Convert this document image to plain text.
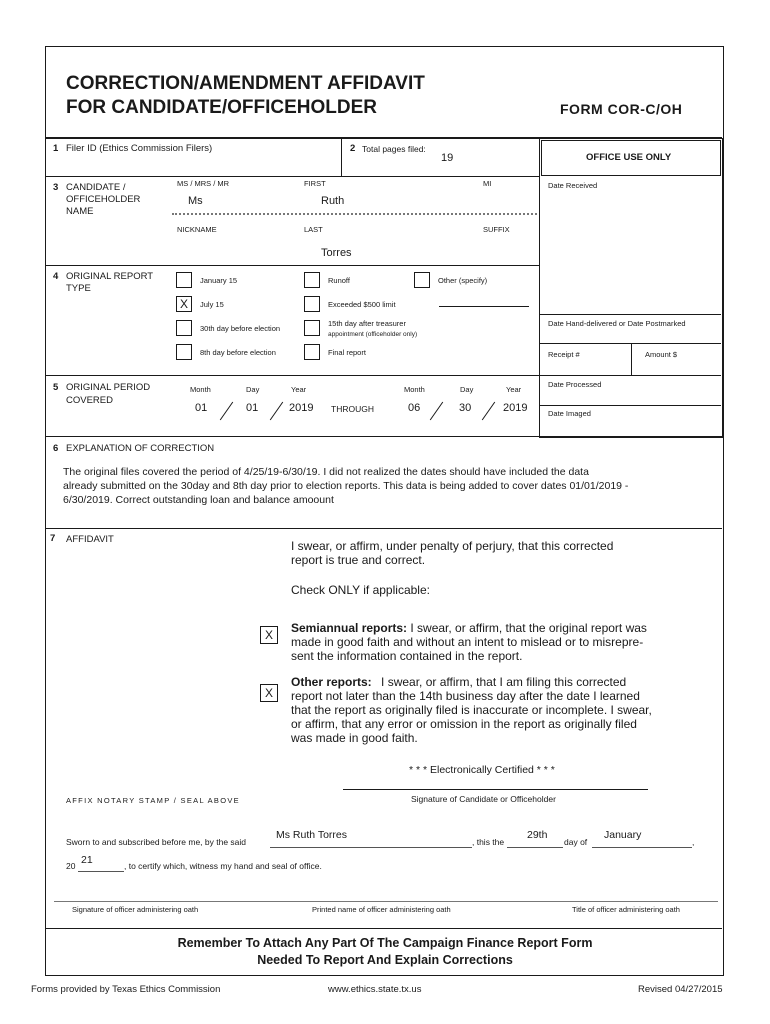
CORRECTION/AMENDMENT AFFIDAVIT
FOR CANDIDATE/OFFICEHOLDER	FORM COR-C/OH
1 Filer ID (Ethics Commission Filers)	2 Total pages filed:
19	OFFICE USE ONLY
Date Received
Date Hand-delivered or Date Postmarked
Receipt #	Amount $
Date Processed
Date Imaged
3 CANDIDATE /
OFFICEHOLDER
NAME
MS / MRS / MR
Ms
FIRST
Ruth
MI
NICKNAME	LAST	SUFFIX
Torres
4 ORIGINAL REPORT
TYPE
January 15
X	July 15
30th day before election
8th day before election
Runoff
Exceeded $500 limit
15th day after treasurer
appointment (officeholder only)
Final report
Other (specify)
5 ORIGINAL PERIOD
COVERED
Month	Day	Year	Month	Day	Year
01	01	2019 THROUGH	06	30	2019
6 EXPLANATION OF CORRECTION
The original files covered the period of 4/25/19-6/30/19. I did not realized the dates should have included the data
already submitted on the 30day and 8th day prior to election reports. This data is being added to cover dates 01/01/2019 -
6/30/2019. Correct outstanding loan and balance amoount
7 AFFIDAVIT	I swear, or affirm, under penalty of perjury, that this corrected
report is true and correct.
Check ONLY if applicable:
X	Semiannual reports: I swear, or affirm, that the original report was
made in good faith and without an intent to mislead or to misrepre-
sent the information contained in the report.
X
Other reports: I swear, or affirm, that I am filing this corrected
report not later than the 14th business day after the date I learned
that the report as originally filed is inaccurate or incomplete. I swear,
or affirm, that any error or omission in the report as originally filed
was made in good faith.
* * * Electronically Certified * * *
Signature of Candidate or Officeholder
AFFIX NOTARY STAMP / SEAL ABOVE
Sworn to and subscribed before me, by the said
Ms Ruth Torres
, this the
29th
day of
January
,
20 21	, to certify which, witness my hand and seal of office.
Signature of officer administering oath	Printed name of officer administering oath	Title of officer administering oath
Remember To Attach Any Part Of The Campaign Finance Report Form
Needed To Report And Explain Corrections
Forms provided by Texas Ethics Commission	www.ethics.state.tx.us	Revised 04/27/2015
